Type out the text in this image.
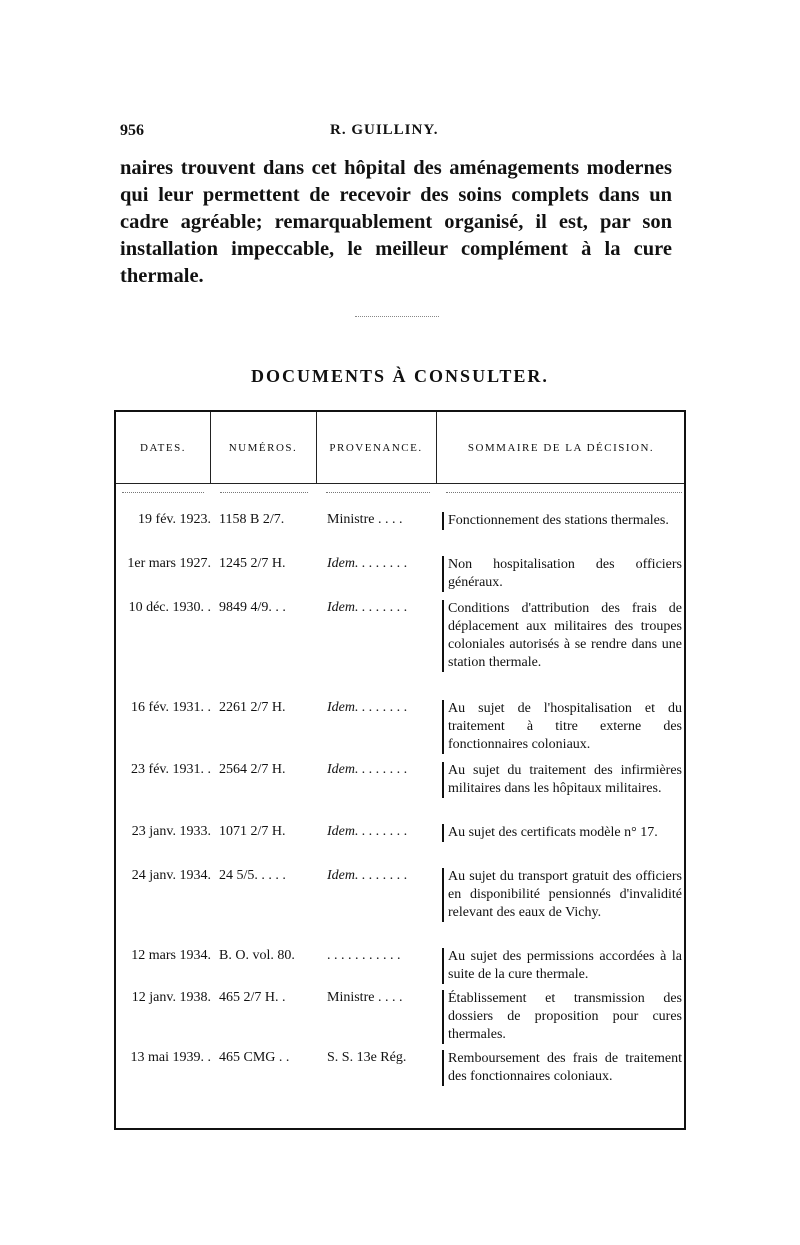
956	R. GUILLINY.
naires trouvent dans cet hôpital des aménagements modernes qui leur permettent de recevoir des soins complets dans un cadre agréable; remarquablement organisé, il est, par son installation impeccable, le meilleur complément à la cure thermale.
DOCUMENTS À CONSULTER.
DATES.	NUMÉROS.	PROVENANCE.	SOMMAIRE DE LA DÉCISION.
19 fév. 1923. 1158 B 2/7.	Ministre . . . .	Fonctionnement des stations thermales.
1er mars 1927. 1245 2/7 H.	Idem. . . . . . . .	Non hospitalisation des officiers généraux.
10 déc. 1930. . 9849 4/9. . .	Idem. . . . . . . .	Conditions d'attribution des frais de déplacement aux militaires des troupes coloniales autorisés à se rendre dans une station thermale.
16 fév. 1931. . 2261 2/7 H.	Idem. . . . . . . .	Au sujet de l'hospitalisation et du traitement à titre externe des fonctionnaires coloniaux.
23 fév. 1931. . 2564 2/7 H.	Idem. . . . . . . .	Au sujet du traitement des infirmières militaires dans les hôpitaux militaires.
23 janv. 1933. 1071 2/7 H.	Idem. . . . . . . .	Au sujet des certificats modèle n° 17.
24 janv. 1934. 24 5/5. . . . .	Idem. . . . . . . .	Au sujet du transport gratuit des officiers en disponibilité pensionnés d'invalidité relevant des eaux de Vichy.
12 mars 1934. B. O. vol. 80.	. . . . . . . . . . .	Au sujet des permissions accordées à la suite de la cure thermale.
12 janv. 1938. 465 2/7 H. .	Ministre . . . .	Établissement et transmission des dossiers de proposition pour cures thermales.
13 mai 1939. . 465 CMG . .	S. S. 13e Rég.	Remboursement des frais de traitement des fonctionnaires coloniaux.
